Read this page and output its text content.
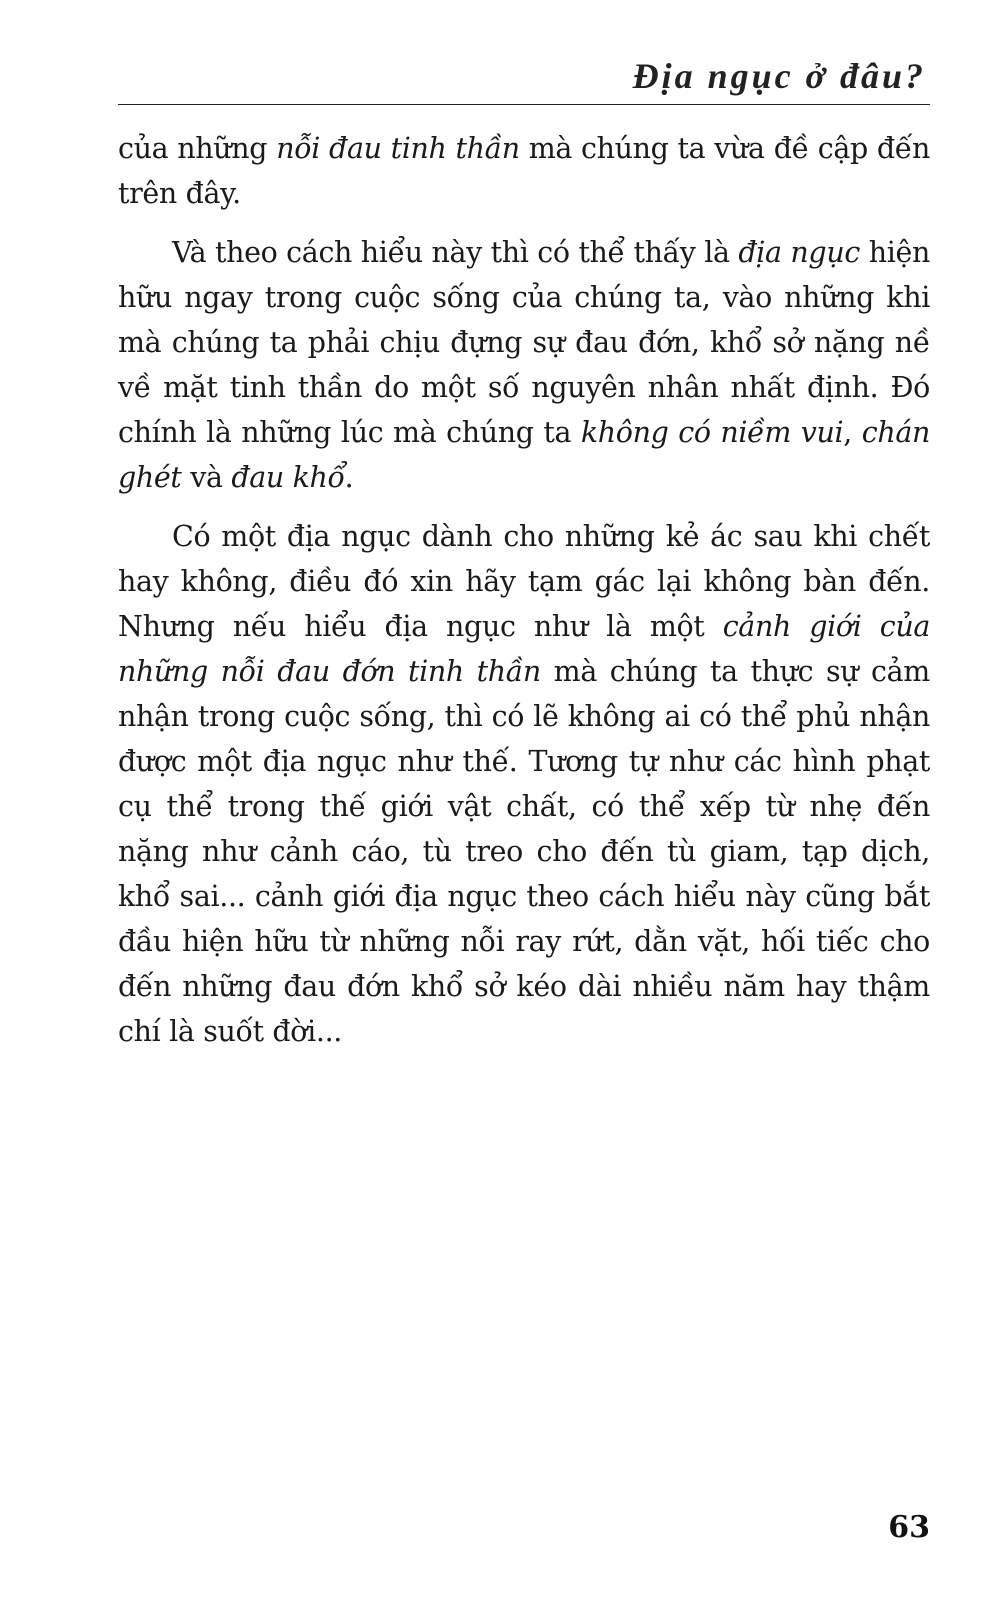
Địa ngục ở đâu?

của những nỗi đau tinh thần mà chúng ta vừa đề cập đến trên đây.

Và theo cách hiểu này thì có thể thấy là địa ngục hiện hữu ngay trong cuộc sống của chúng ta, vào những khi mà chúng ta phải chịu đựng sự đau đớn, khổ sở nặng nề về mặt tinh thần do một số nguyên nhân nhất định. Đó chính là những lúc mà chúng ta không có niềm vui, chán ghét và đau khổ.

Có một địa ngục dành cho những kẻ ác sau khi chết hay không, điều đó xin hãy tạm gác lại không bàn đến. Nhưng nếu hiểu địa ngục như là một cảnh giới của những nỗi đau đớn tinh thần mà chúng ta thực sự cảm nhận trong cuộc sống, thì có lẽ không ai có thể phủ nhận được một địa ngục như thế. Tương tự như các hình phạt cụ thể trong thế giới vật chất, có thể xếp từ nhẹ đến nặng như cảnh cáo, tù treo cho đến tù giam, tạp dịch, khổ sai... cảnh giới địa ngục theo cách hiểu này cũng bắt đầu hiện hữu từ những nỗi ray rứt, dằn vặt, hối tiếc cho đến những đau đớn khổ sở kéo dài nhiều năm hay thậm chí là suốt đời...

63
